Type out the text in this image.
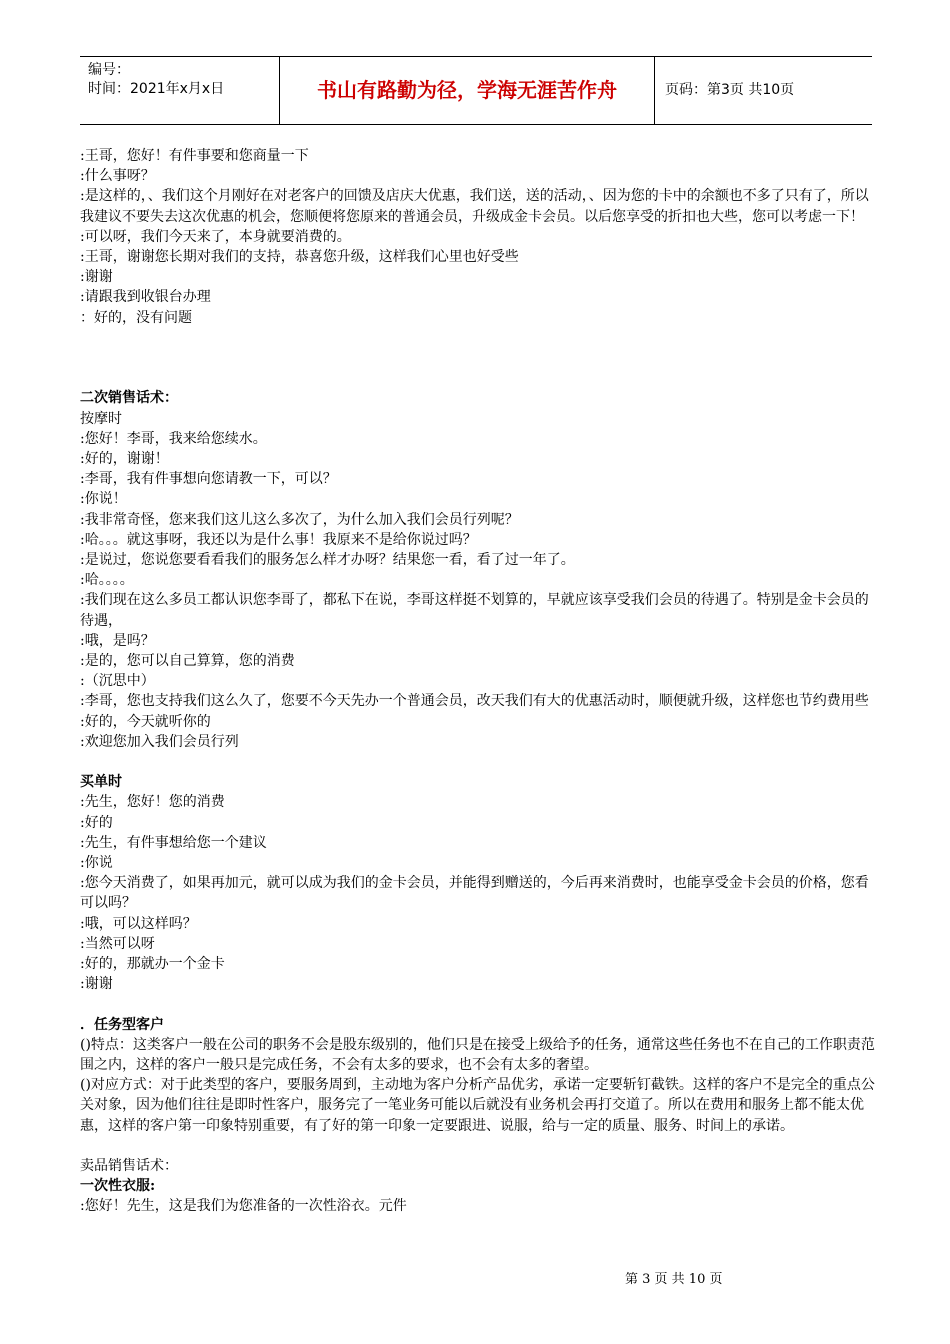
编号：
时间：2021年x月x日	书山有路勤为径，学海无涯苦作舟	页码：第3页 共10页

:王哥，您好！有件事要和您商量一下

:什么事呀？

:是这样的，、我们这个月刚好在对老客户的回馈及店庆大优惠，我们送，送的活动，、因为您的卡中的余额也不多了只有了，所以我建议不要失去这次优惠的机会，您顺便将您原来的普通会员，升级成金卡会员。以后您享受的折扣也大些，您可以考虑一下！

:可以呀，我们今天来了，本身就要消费的。

:王哥，谢谢您长期对我们的支持，恭喜您升级，这样我们心里也好受些

:谢谢

:请跟我到收银台办理

：好的，没有问题

二次销售话术：

按摩时

:您好！李哥，我来给您续水。

:好的，谢谢！

:李哥，我有件事想向您请教一下，可以？

:你说！

:我非常奇怪，您来我们这儿这么多次了，为什么加入我们会员行列呢？

:哈。。。就这事呀，我还以为是什么事！我原来不是给你说过吗？

:是说过，您说您要看看我们的服务怎么样才办呀？结果您一看，看了过一年了。

:哈。。。。

:我们现在这么多员工都认识您李哥了，都私下在说，李哥这样挺不划算的，早就应该享受我们会员的待遇了。特别是金卡会员的待遇，

:哦，是吗？

:是的，您可以自己算算，您的消费

:（沉思中）

:李哥，您也支持我们这么久了，您要不今天先办一个普通会员，改天我们有大的优惠活动时，顺便就升级，这样您也节约费用些

:好的，今天就听你的

:欢迎您加入我们会员行列

买单时

:先生，您好！您的消费

:好的

:先生，有件事想给您一个建议

:你说

:您今天消费了，如果再加元，就可以成为我们的金卡会员，并能得到赠送的，今后再来消费时，也能享受金卡会员的价格，您看可以吗？

:哦，可以这样吗？

:当然可以呀

:好的，那就办一个金卡

:谢谢

．任务型客户

()特点：这类客户一般在公司的职务不会是股东级别的，他们只是在接受上级给予的任务，通常这些任务也不在自己的工作职责范围之内，这样的客户一般只是完成任务，不会有太多的要求，也不会有太多的奢望。

()对应方式：对于此类型的客户，要服务周到，主动地为客户分析产品优劣，承诺一定要斩钉截铁。这样的客户不是完全的重点公关对象，因为他们往往是即时性客户，服务完了一笔业务可能以后就没有业务机会再打交道了。所以在费用和服务上都不能太优惠，这样的客户第一印象特别重要，有了好的第一印象一定要跟进、说服，给与一定的质量、服务、时间上的承诺。

卖品销售话术：

一次性衣服:

:您好！先生，这是我们为您准备的一次性浴衣。元件

第 3 页 共 10 页
